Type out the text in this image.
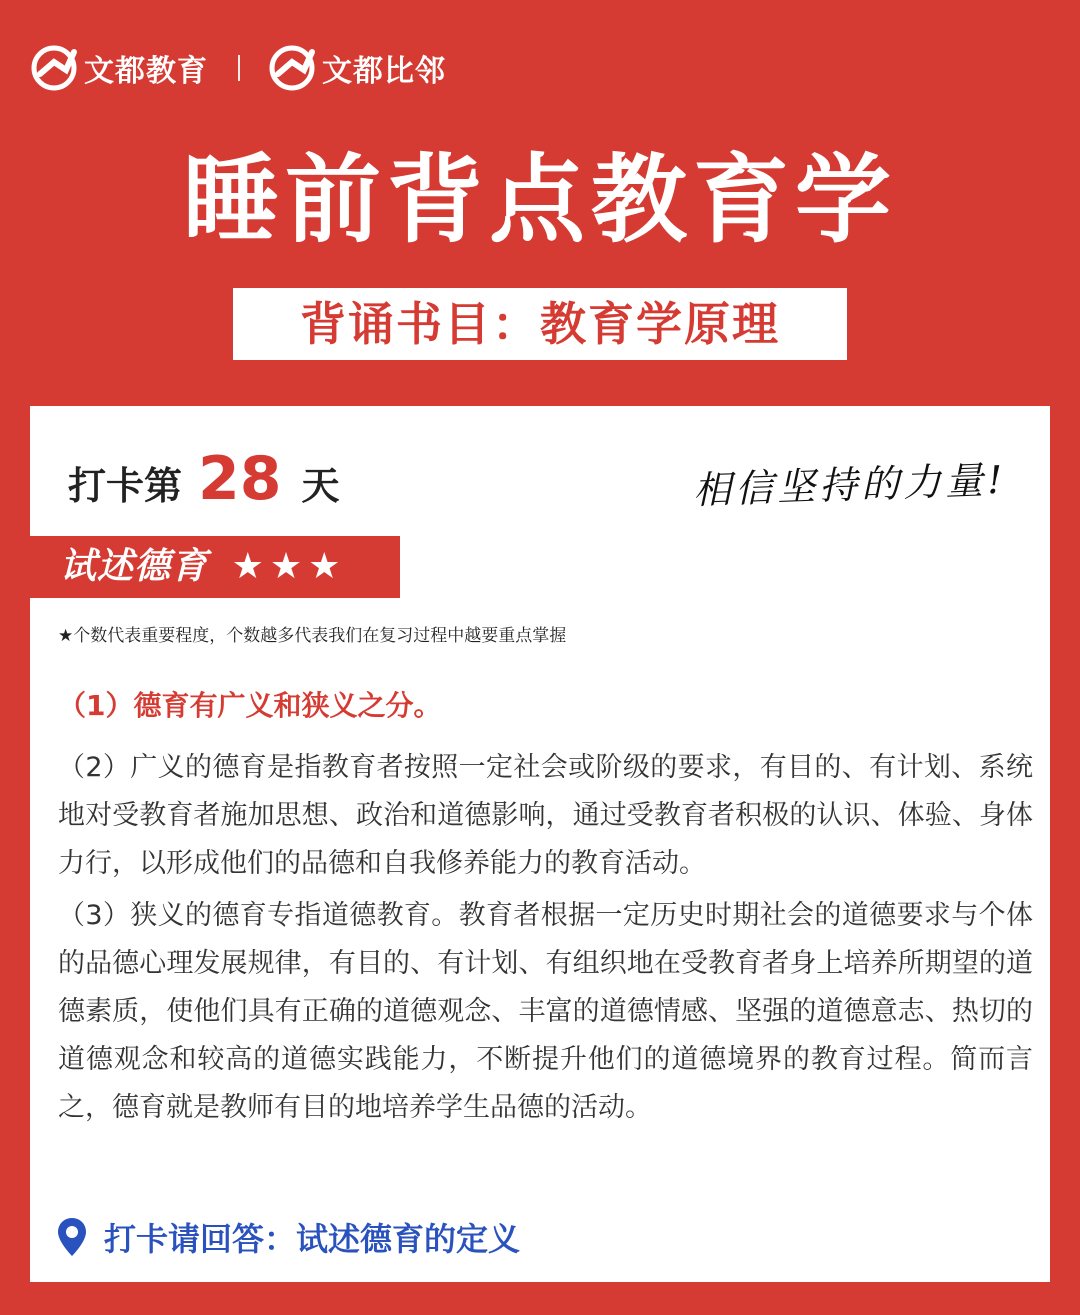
文都教育	文都比邻
睡前背点教育学
背诵书目：教育学原理
打卡第 28 天	相信坚持的力量!
试述德育 ★★★
★个数代表重要程度，个数越多代表我们在复习过程中越要重点掌握

（1）德育有广义和狭义之分。

（2）广义的德育是指教育者按照一定社会或阶级的要求，有目的、有计划、系统地对受教育者施加思想、政治和道德影响，通过受教育者积极的认识、体验、身体力行，以形成他们的品德和自我修养能力的教育活动。

（3）狭义的德育专指道德教育。教育者根据一定历史时期社会的道德要求与个体的品德心理发展规律，有目的、有计划、有组织地在受教育者身上培养所期望的道德素质，使他们具有正确的道德观念、丰富的道德情感、坚强的道德意志、热切的道德观念和较高的道德实践能力，不断提升他们的道德境界的教育过程。简而言之，德育就是教师有目的地培养学生品德的活动。

打卡请回答：试述德育的定义
